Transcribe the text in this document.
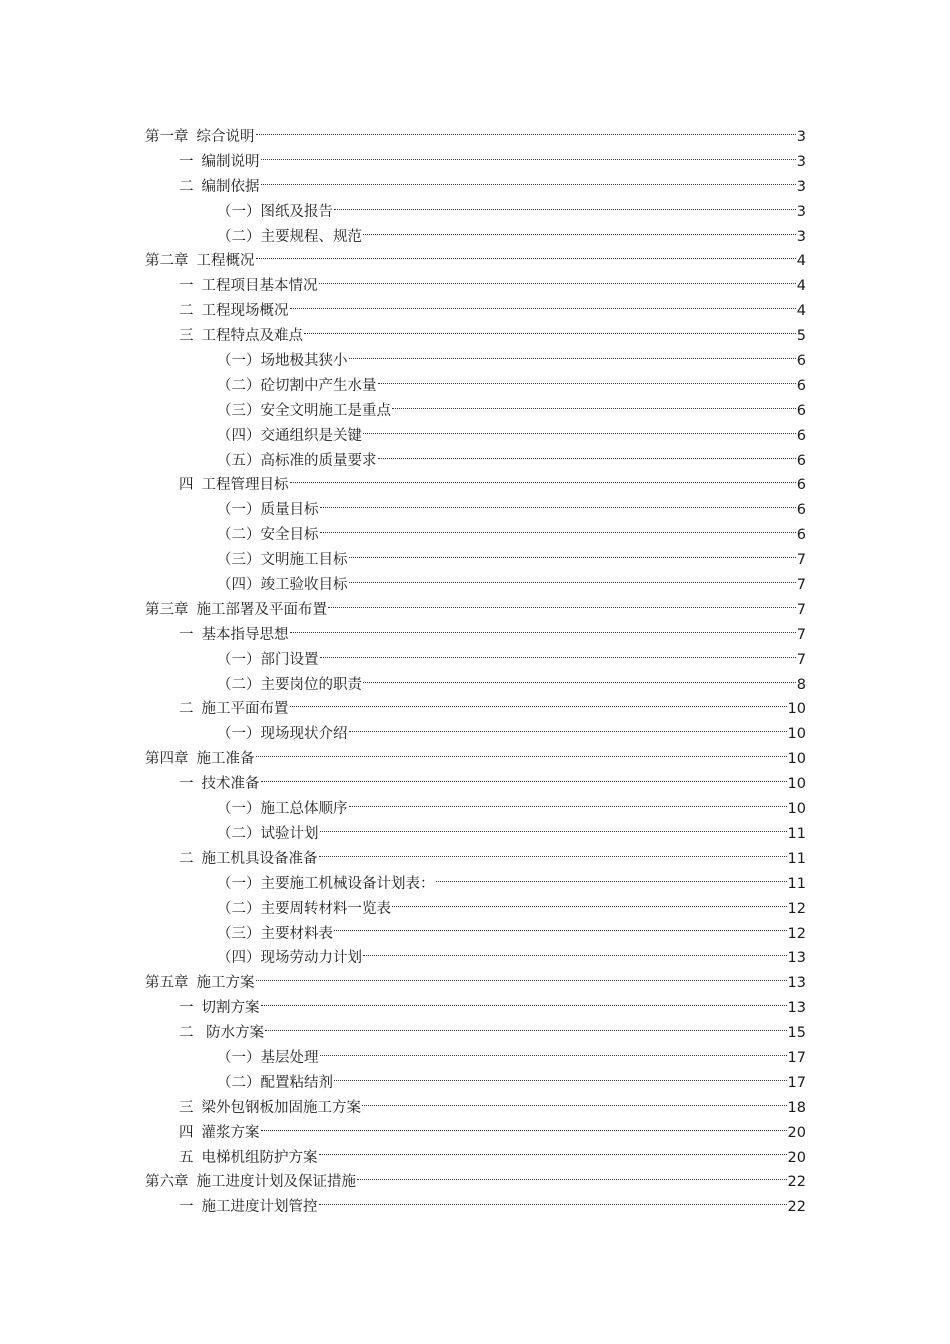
第一章 综合说明	3
一 编制说明	3
二 编制依据	3
（一）图纸及报告	3
（二）主要规程、规范	3
第二章 工程概况	4
一 工程项目基本情况	4
二 工程现场概况	4
三 工程特点及难点	5
（一）场地极其狭小	6
（二）砼切割中产生水量	6
（三）安全文明施工是重点	6
（四）交通组织是关键	6
（五）高标准的质量要求	6
四 工程管理目标	6
（一）质量目标	6
（二）安全目标	6
（三）文明施工目标	7
（四）竣工验收目标	7
第三章 施工部署及平面布置	7
一 基本指导思想	7
（一）部门设置	7
（二）主要岗位的职责	8
二 施工平面布置	10
（一）现场现状介绍	10
第四章 施工准备	10
一 技术准备	10
（一）施工总体顺序	10
（二）试验计划	11
二 施工机具设备准备	11
（一）主要施工机械设备计划表：	11
（二）主要周转材料一览表	12
（三）主要材料表	12
（四）现场劳动力计划	13
第五章 施工方案	13
一 切割方案	13
二 防水方案	15
（一）基层处理	17
（二）配置粘结剂	17
三 梁外包钢板加固施工方案	18
四 灌浆方案	20
五 电梯机组防护方案	20
第六章 施工进度计划及保证措施	22
一 施工进度计划管控	22
